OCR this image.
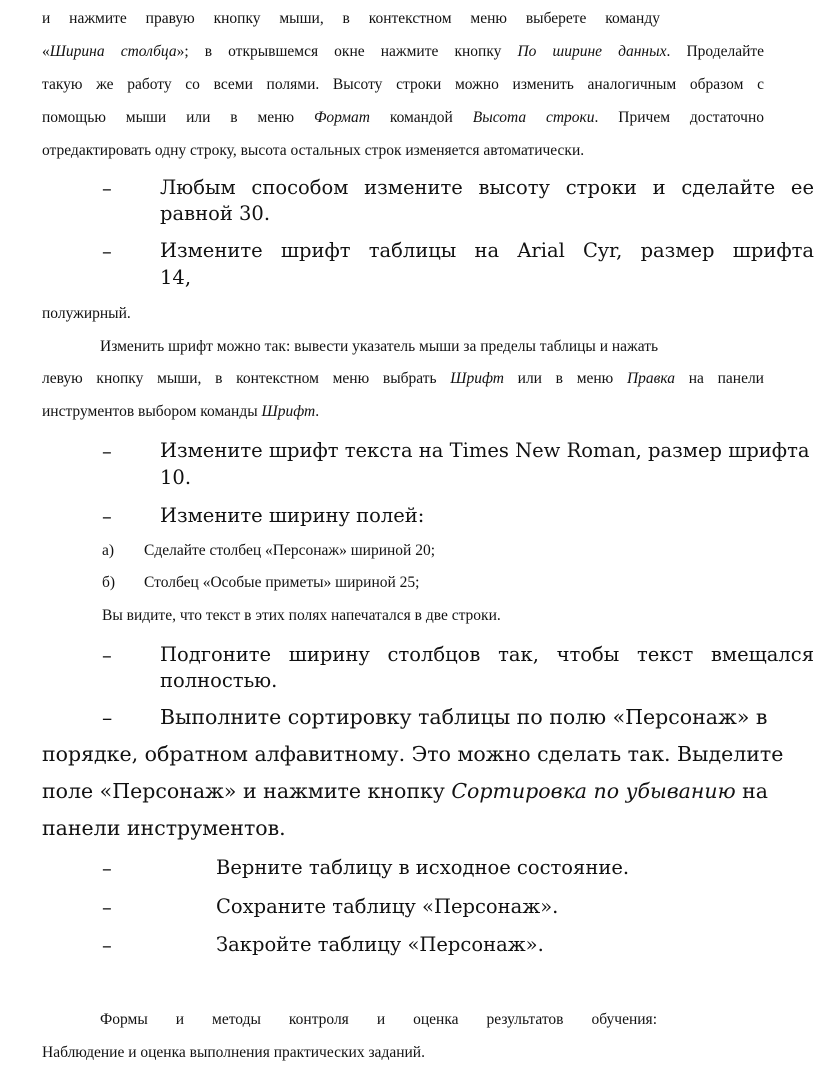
и нажмите правую кнопку мыши, в контекстном меню выберете команду
«Ширина столбца»; в открывшемся окне нажмите кнопку По ширине данных. Проделайте
такую же работу со всеми полями. Высоту строки можно изменить аналогичным образом с
помощью мыши или в меню Формат командой Высота строки. Причем достаточно
отредактировать одну строку, высота остальных строк изменяется автоматически.
– Любым способом измените высоту строки и сделайте ее
равной 30.
– Измените шрифт таблицы на Arial Cyr, размер шрифта
14,
полужирный.
Изменить шрифт можно так: вывести указатель мыши за пределы таблицы и нажать
левую кнопку мыши, в контекстном меню выбрать Шрифт или в меню Правка на панели
инструментов выбором команды Шрифт.
– Измените шрифт текста на Times New Roman, размер шрифта
10.
– Измените ширину полей:
а) Сделайте столбец «Персонаж» шириной 20;
б) Столбец «Особые приметы» шириной 25;
Вы видите, что текст в этих полях напечатался в две строки.
– Подгоните ширину столбцов так, чтобы текст вмещался
полностью.
– Выполните сортировку таблицы по полю «Персонаж» в
порядке, обратном алфавитному. Это можно сделать так. Выделите
поле «Персонаж» и нажмите кнопку Сортировка по убыванию на
панели инструментов.
–	Верните таблицу в исходное состояние.
–	Сохраните таблицу «Персонаж».
–	Закройте таблицу «Персонаж».
Формы и методы контроля и оценка результатов обучения:
Наблюдение и оценка выполнения практических заданий.
